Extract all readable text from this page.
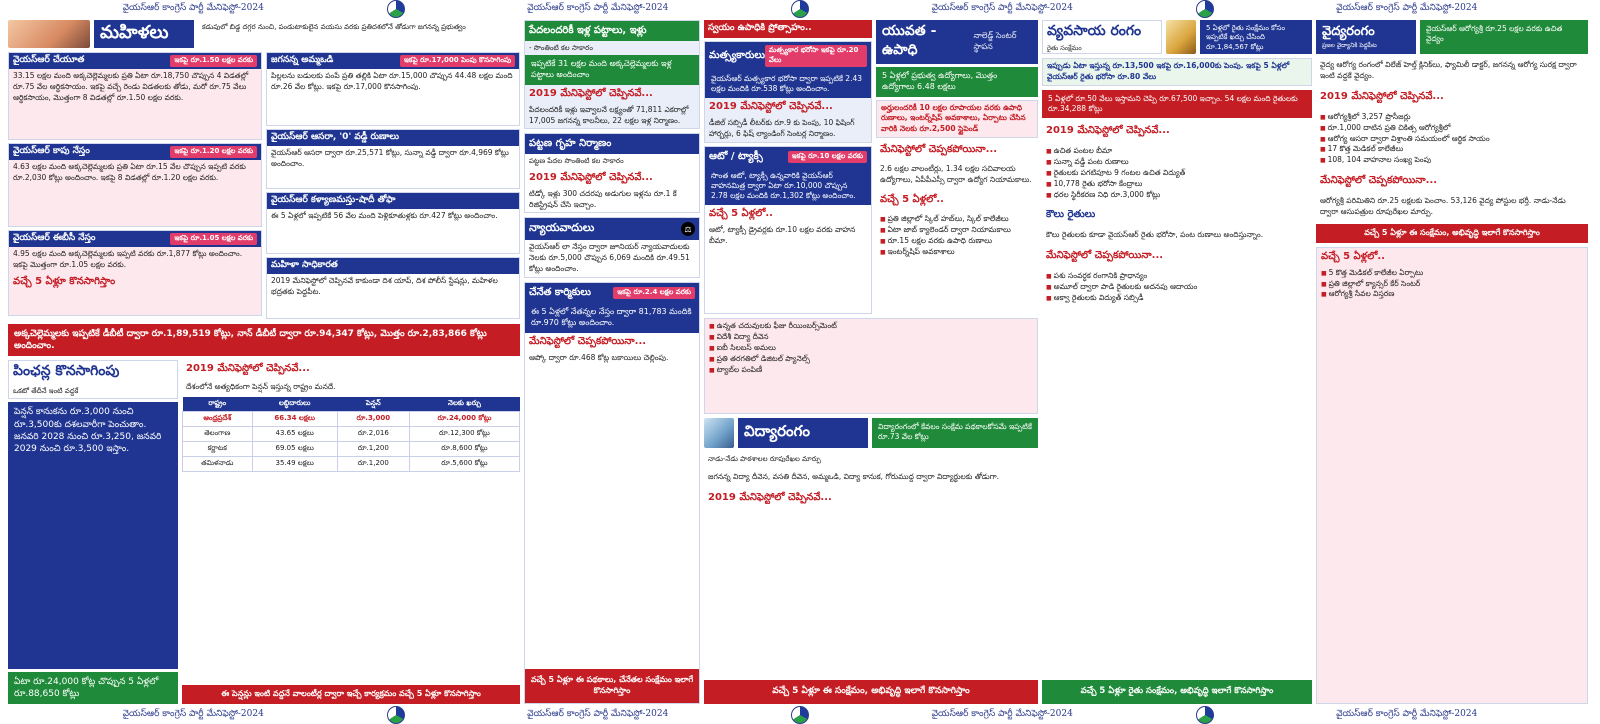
వైయస్ఆర్ కాంగ్రెస్ పార్టీ మేనిఫెస్టో-2024	వైయస్ఆర్ కాంగ్రెస్ పార్టీ మేనిఫెస్టో-2024	వైయస్ఆర్ కాంగ్రెస్ పార్టీ మేనిఫెస్టో-2024	వైయస్ఆర్ కాంగ్రెస్ పార్టీ మేనిఫెస్టో-2024
మహిళలు	కడుపులో బిడ్డ దగ్గర నుంచి, పండుటాకులైన వయసు వరకు ప్రతిదశలోనే తోడుగా జగనన్న ప్రభుత్వం
వైయస్ఆర్ చేయూత	ఇకపై రూ.1.50 లక్షల వరకు
33.15 లక్షల మంది అక్కచెల్లెమ్మలకు ప్రతి ఏటా రూ.18,750 చొప్పున 4 విడతల్లో రూ.75 వేల ఆర్థికసాయం. ఇకపై వచ్చే రెండు విడతలకు తోడు, మరో రూ.75 వేలు ఆర్థికసాయం, మొత్తంగా 8 విడతల్లో రూ.1.50 లక్షల వరకు.
వైయస్ఆర్ కాపు నేస్తం	ఇకపై రూ.1.20 లక్షల వరకు
4.63 లక్షల మంది అక్కచెల్లెమ్మలకు ప్రతి ఏటా రూ.15 వేల చొప్పున ఇప్పటి వరకు రూ.2,030 కోట్లు అందించాం. ఇకపై 8 విడతల్లో రూ.1.20 లక్షల వరకు.
వైయస్ఆర్ ఈబీసీ నేస్తం	ఇకపై రూ.1.05 లక్షల వరకు
4.95 లక్షల మంది అక్కచెల్లెమ్మలకు ఇప్పటి వరకు రూ.1,877 కోట్లు అందించాం. ఇకపై మొత్తంగా రూ.1.05 లక్షల వరకు.
వచ్చే 5 ఏళ్లూ కొనసాగిస్తాం
జగనన్న అమ్మఒడి	ఇకపై రూ.17,000 పెంపు కొనసాగింపు
పిల్లలను బడులకు పంపే ప్రతి తల్లికి ఏటా రూ.15,000 చొప్పున 44.48 లక్షల మంది రూ.26 వేల కోట్లు. ఇకపై రూ.17,000 కొనసాగింపు.
వైయస్ఆర్ ఆసరా, '0' వడ్డీ రుణాలు
వైయస్ఆర్ ఆసరా ద్వారా రూ.25,571 కోట్లు, సున్నా వడ్డీ ద్వారా రూ.4,969 కోట్లు అందించాం.
వైయస్ఆర్ కళ్యాణమస్తు-షాదీ తోఫా
ఈ 5 ఏళ్లలో ఇప్పటికే 56 వేల మంది పెళ్లికూతుళ్లకు రూ.427 కోట్లు అందించాం.
మహిళా సాధికారత
2019 మేనిఫెస్టోలో చెప్పినవే కాకుండా దిశ యాప్, దిశ పోలీస్ స్టేషన్లు, మహిళల భద్రతకు పెద్దపీట.
అక్కచెల్లెమ్మలకు ఇప్పటికే డీబీటీ ద్వారా రూ.1,89,519 కోట్లు, నాన్ డీబీటీ ద్వారా రూ.94,347 కోట్లు, మొత్తం రూ.2,83,866 కోట్లు అందించాం.
పింఛన్ల కొనసాగింపు
ఒకటో తేదీనే ఇంటి వద్దకే
పెన్షన్ కానుకను రూ.3,000 నుంచి రూ.3,500కు దశలవారీగా పెంచుతాం. జనవరి 2028 నుంచి రూ.3,250, జనవరి 2029 నుంచి రూ.3,500 ఇస్తాం.
ఏటా రూ.24,000 కోట్ల చొప్పున 5 ఏళ్లలో రూ.88,650 కోట్లు
2019 మేనిఫెస్టోలో చెప్పినవే...
దేశంలోనే అత్యధికంగా పెన్షన్ ఇస్తున్న రాష్ట్రం మనదే.
రాష్ట్రం	లబ్ధిదారులు	పెన్షన్	నెలకు ఖర్చు
ఆంధ్రప్రదేశ్	66.34 లక్షలు	రూ.3,000	రూ.24,000 కోట్లు
తెలంగాణ	43.65 లక్షలు	రూ.2,016	రూ.12,300 కోట్లు
కర్ణాటక	69.05 లక్షలు	రూ.1,200	రూ.8,600 కోట్లు
తమిళనాడు	35.49 లక్షలు	రూ.1,200	రూ.5,600 కోట్లు
ఈ పెన్షన్లు ఇంటి వద్దనే వాలంటీర్ల ద్వారా ఇచ్చే కార్యక్రమం వచ్చే 5 ఏళ్లూ కొనసాగిస్తాం
పేదలందరికీ ఇళ్ల పట్టాలు, ఇళ్లు
- సొంతింటి కల సాకారం
ఇప్పటికే 31 లక్షల మంది అక్కచెల్లెమ్మలకు ఇళ్ల పట్టాలు అందించాం
2019 మేనిఫెస్టోలో చెప్పినవే...
పేదలందరికీ ఇళ్లు ఇవ్వాలనే లక్ష్యంతో 71,811 ఎకరాల్లో 17,005 జగనన్న కాలనీలు, 22 లక్షల ఇళ్ల నిర్మాణం.
పట్టణ గృహ నిర్మాణం
పట్టణ పేదల సొంతింటి కల సాకారం
2019 మేనిఫెస్టోలో చెప్పినవే...
టిడ్కో ఇళ్లు 300 చదరపు అడుగుల ఇళ్లను రూ.1 కే రిజిస్ట్రేషన్ చేసి ఇచ్చాం.
న్యాయవాదులు	⚖
వైయస్ఆర్ లా నేస్తం ద్వారా జూనియర్ న్యాయవాదులకు నెలకు రూ.5,000 చొప్పున 6,069 మందికి రూ.49.51 కోట్లు అందించాం.
చేనేత కార్మికులు	ఇకపై రూ.2.4 లక్షల వరకు
ఈ 5 ఏళ్లలో నేతన్నల నేస్తం ద్వారా 81,783 మందికి రూ.970 కోట్లు అందించాం.
మేనిఫెస్టోలో చెప్పకపోయినా...
ఆప్కో ద్వారా రూ.468 కోట్ల బకాయిలు చెల్లింపు.
వచ్చే 5 ఏళ్లూ ఈ పథకాలు, చేనేతల సంక్షేమం ఇలాగే కొనసాగిస్తాం
స్వయం ఉపాధికి ప్రోత్సాహం..
మత్స్యకారులు మత్స్యకార భరోసా ఇకపై రూ.20 వేలు
వైయస్ఆర్ మత్స్యకార భరోసా ద్వారా ఇప్పటికే 2.43 లక్షల మందికి రూ.538 కోట్లు అందించాం.
2019 మేనిఫెస్టోలో చెప్పినవే...
డీజిల్ సబ్సిడీ లీటర్‌కు రూ.9 కు పెంపు, 10 ఫిషింగ్ హార్బర్లు, 6 ఫిష్ ల్యాండింగ్ సెంటర్ల నిర్మాణం.
ఆటో / ట్యాక్సీ	ఇకపై రూ.10 లక్షల వరకు
సొంత ఆటో, ట్యాక్సీ ఉన్నవారికి వైయస్ఆర్ వాహనమిత్ర ద్వారా ఏటా రూ.10,000 చొప్పున 2.78 లక్షల మందికి రూ.1,302 కోట్లు అందించాం.
వచ్చే 5 ఏళ్లలో..
ఆటో, ట్యాక్సీ డ్రైవర్లకు రూ.10 లక్షల వరకు వాహన బీమా.
యువత - ఉపాధి
నాలెడ్జ్ సెంటర్ స్థాపన
5 ఏళ్లలో ప్రభుత్వ ఉద్యోగాలు, మొత్తం ఉద్యోగాలు 6.48 లక్షలు
అర్హులందరికీ 10 లక్షల రూపాయల వరకు ఉపాధి రుణాలు, ఇంటర్న్‌షిప్ అవకాశాలు, ఏర్పాటు చేసిన వారికి నెలకు రూ.2,500 స్టైపెండ్
మేనిఫెస్టోలో చెప్పకపోయినా...
2.6 లక్షల వాలంటీర్లు, 1.34 లక్షల సచివాలయ ఉద్యోగాలు, ఏపీపీఎస్సీ ద్వారా ఉద్యోగ నియామకాలు.
వచ్చే 5 ఏళ్లలో..
■ ప్రతి జిల్లాలో స్కిల్ హబ్‌లు, స్కిల్ కాలేజీలు
■ ఏటా జాబ్ క్యాలెండర్ ద్వారా నియామకాలు
■ రూ.15 లక్షల వరకు ఉపాధి రుణాలు
■ ఇంటర్న్‌షిప్ అవకాశాలు
■ ఉన్నత చదువులకు ఫీజు రీయింబర్స్‌మెంట్
■ విదేశీ విద్యా దీవెన
■ ఐబీ సిలబస్ అమలు
■ ప్రతి తరగతిలో డిజిటల్ ప్యానెల్స్
■ ట్యాబ్‌ల పంపిణీ
విద్యారంగం	విద్యారంగంలో కేవలం సంక్షేమ పథకాలకోసమే ఇప్పటికే రూ.73 వేల కోట్లు
నాడు-నేడు పాఠశాలల రూపురేఖల మార్పు
జగనన్న విద్యా దీవెన, వసతి దీవెన, అమ్మఒడి, విద్యా కానుక, గోరుముద్ద ద్వారా విద్యార్థులకు తోడుగా.
2019 మేనిఫెస్టోలో చెప్పినవే...
వచ్చే 5 ఏళ్లూ ఈ సంక్షేమం, అభివృద్ధి ఇలాగే కొనసాగిస్తాం
వ్యవసాయ రంగం
రైతు సంక్షేమం
5 ఏళ్లలో రైతు సంక్షేమం కోసం ఇప్పటికే ఖర్చు చేసింది రూ.1,84,567 కోట్లు
ఇప్పుడు ఏటా ఇస్తున్న రూ.13,500 ఇకపై రూ.16,000కు పెంపు. ఇకపై 5 ఏళ్లలో వైయస్ఆర్ రైతు భరోసా రూ.80 వేలు
5 ఏళ్లలో రూ.50 వేలు ఇస్తామని చెప్పి రూ.67,500 ఇచ్చాం. 54 లక్షల మంది రైతులకు రూ.34,288 కోట్లు
2019 మేనిఫెస్టోలో చెప్పినవే...
■ ఉచిత పంటల బీమా
■ సున్నా వడ్డీ పంట రుణాలు
■ రైతులకు పగటిపూట 9 గంటల ఉచిత విద్యుత్
■ 10,778 రైతు భరోసా కేంద్రాలు
■ ధరల స్థిరీకరణ నిధి రూ.3,000 కోట్లు
కౌలు రైతులు
కౌలు రైతులకు కూడా వైయస్ఆర్ రైతు భరోసా, పంట రుణాలు అందిస్తున్నాం.
మేనిఫెస్టోలో చెప్పకపోయినా...
■ పశు సంవర్ధక రంగానికి ప్రాధాన్యం
■ అమూల్ ద్వారా పాడి రైతులకు అదనపు ఆదాయం
■ ఆక్వా రైతులకు విద్యుత్ సబ్సిడీ
వచ్చే 5 ఏళ్లూ రైతు సంక్షేమం, అభివృద్ధి ఇలాగే కొనసాగిస్తాం
వైద్యరంగం
ప్రజల వైద్యానికి పెద్దపీట
వైయస్ఆర్ ఆరోగ్యశ్రీ రూ.25 లక్షల వరకు ఉచిత వైద్యం
వైద్య ఆరోగ్య రంగంలో విలేజ్ హెల్త్ క్లినిక్‌లు, ఫ్యామిలీ డాక్టర్, జగనన్న ఆరోగ్య సురక్ష ద్వారా ఇంటి వద్దకే వైద్యం.
2019 మేనిఫెస్టోలో చెప్పినవే...
■ ఆరోగ్యశ్రీలో 3,257 ప్రొసీజర్లు
■ రూ.1,000 దాటిన ప్రతి చికిత్స ఆరోగ్యశ్రీలో
■ ఆరోగ్య ఆసరా ద్వారా విశ్రాంతి సమయంలో ఆర్థిక సాయం
■ 17 కొత్త మెడికల్ కాలేజీలు
■ 108, 104 వాహనాల సంఖ్య పెంపు
మేనిఫెస్టోలో చెప్పకపోయినా...
ఆరోగ్యశ్రీ పరిమితిని రూ.25 లక్షలకు పెంచాం. 53,126 వైద్య పోస్టుల భర్తీ. నాడు-నేడు ద్వారా ఆసుపత్రుల రూపురేఖల మార్పు.
వచ్చే 5 ఏళ్లూ ఈ సంక్షేమం, అభివృద్ధి ఇలాగే కొనసాగిస్తాం
వచ్చే 5 ఏళ్లలో..
■ 5 కొత్త మెడికల్ కాలేజీల ఏర్పాటు
■ ప్రతి జిల్లాలో క్యాన్సర్ కేర్ సెంటర్
■ ఆరోగ్యశ్రీ సేవల విస్తరణ
వైయస్ఆర్ కాంగ్రెస్ పార్టీ మేనిఫెస్టో-2024	వైయస్ఆర్ కాంగ్రెస్ పార్టీ మేనిఫెస్టో-2024	వైయస్ఆర్ కాంగ్రెస్ పార్టీ మేనిఫెస్టో-2024	వైయస్ఆర్ కాంగ్రెస్ పార్టీ మేనిఫెస్టో-2024
